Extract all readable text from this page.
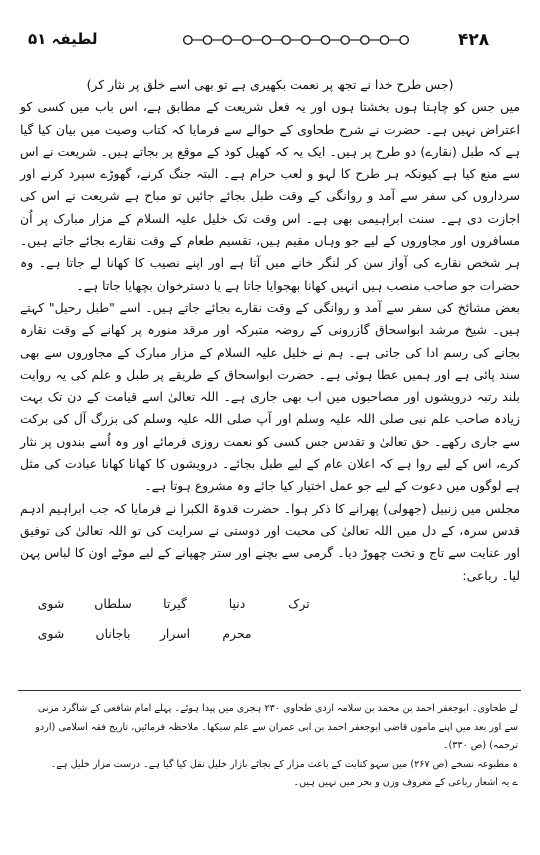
۴۲۸
لطیفہ ۵۱

(جس طرح خدا نے تجھ پر نعمت بکھیری ہے تو بھی اسے خلق پر نثار کر)

میں جس کو چاہتا ہوں بخشتا ہوں اور یہ فعل شریعت کے مطابق ہے، اس باب میں کسی کو اعتراض نہیں ہے۔ حضرت نے شرح طحاوی کے حوالے سے فرمایا کہ کتاب وصیت میں بیان کیا گیا ہے کہ طبل (نقارے) دو طرح پر ہیں۔ ایک یہ کہ کھیل کود کے موقع پر بجاتے ہیں۔ شریعت نے اس سے منع کیا ہے کیونکہ ہر طرح کا لہو و لعب حرام ہے۔ البتہ جنگ کرنے، گھوڑے سپرد کرنے اور سرداروں کی سفر سے آمد و روانگی کے وقت طبل بجائے جائیں تو مباح ہے شریعت نے اس کی اجازت دی ہے۔ سنت ابراہیمی بھی ہے۔ اس وقت تک خلیل علیہ السلام کے مزار مبارک پر اُن مسافروں اور مجاوروں کے لیے جو وہاں مقیم ہیں، تقسیم طعام کے وقت نقارے بجائے جاتے ہیں۔ ہر شخص نقارے کی آواز سن کر لنگر خانے میں آتا ہے اور اپنے نصیب کا کھانا لے جاتا ہے۔ وہ حضرات جو صاحب منصب ہیں انہیں کھانا بھجوایا جاتا ہے یا دسترخوان بچھایا جاتا ہے۔

بعض مشائخ کی سفر سے آمد و روانگی کے وقت نقارے بجائے جاتے ہیں۔ اسے "طبل رحیل" کہتے ہیں۔ شیخ مرشد ابواسحاق گازرونی کے روضہ متبرکہ اور مرقد منورہ پر کھانے کے وقت نقارہ بجانے کی رسم ادا کی جاتی ہے۔ ہم نے خلیل علیہ السلام کے مزار مبارک کے مجاوروں سے بھی سند پائی ہے اور ہمیں عطا ہوئی ہے۔ حضرت ابواسحاق کے طریقے پر طبل و علم کی یہ روایت بلند رتبہ درویشوں اور مصاحبوں میں اب بھی جاری ہے۔ اللہ تعالیٰ اسے قیامت کے دن تک بہت زیادہ صاحب علم نبی صلی اللہ علیہ وسلم اور آپ صلی اللہ علیہ وسلم کی بزرگ آل کی برکت سے جاری رکھے۔ حق تعالیٰ و تقدس جس کسی کو نعمت روزی فرمائے اور وہ اُسے بندوں پر نثار کرے، اس کے لیے روا ہے کہ اعلان عام کے لیے طبل بجائے۔ درویشوں کا کھانا کھانا عبادت کی مثل ہے لوگوں میں دعوت کے لیے جو عمل اختیار کیا جائے وہ مشروع ہوتا ہے۔

مجلس میں زنبیل (جھولی) پھرانے کا ذکر ہوا۔ حضرت قدوۃ الکبرا نے فرمایا کہ جب ابراہیم ادہم قدس سرہ، کے دل میں اللہ تعالیٰ کی محبت اور دوستی نے سرایت کی تو اللہ تعالیٰ کی توفیق اور عنایت سے تاج و تخت چھوڑ دیا۔ گرمی سے بچنے اور ستر چھپانے کے لیے موٹے اون کا لباس پہن لیا۔ رباعی:

ترک
دنیا
گیرتا
سلطاں
شوی
محرم
اسرار
باجاناں
شوی

لے طحاوی۔ ابوجعفر احمد بن محمد بن سلامہ ازدی طحاوی ۲۳۰ ہجری میں پیدا ہوئے۔ پہلے امام شافعی کے شاگرد مزنی سے اور بعد میں اپنے ماموں قاضی ابوجعفر احمد بن ابی عمران سے علم سیکھا۔ ملاحظہ فرمائیں، تاریخ فقہ اسلامی (اردو ترجمہ) (ص ۳۳۰)۔

ہ مطبوعہ نسخے (ص ۲۶۷) میں سہو کتابت کے باعث مزار کے بجائے بازار خلیل نقل کیا گیا ہے۔ درست مزار خلیل ہے۔

ے یہ اشعار رباعی کے معروف وزن و بحر میں نہیں ہیں۔
